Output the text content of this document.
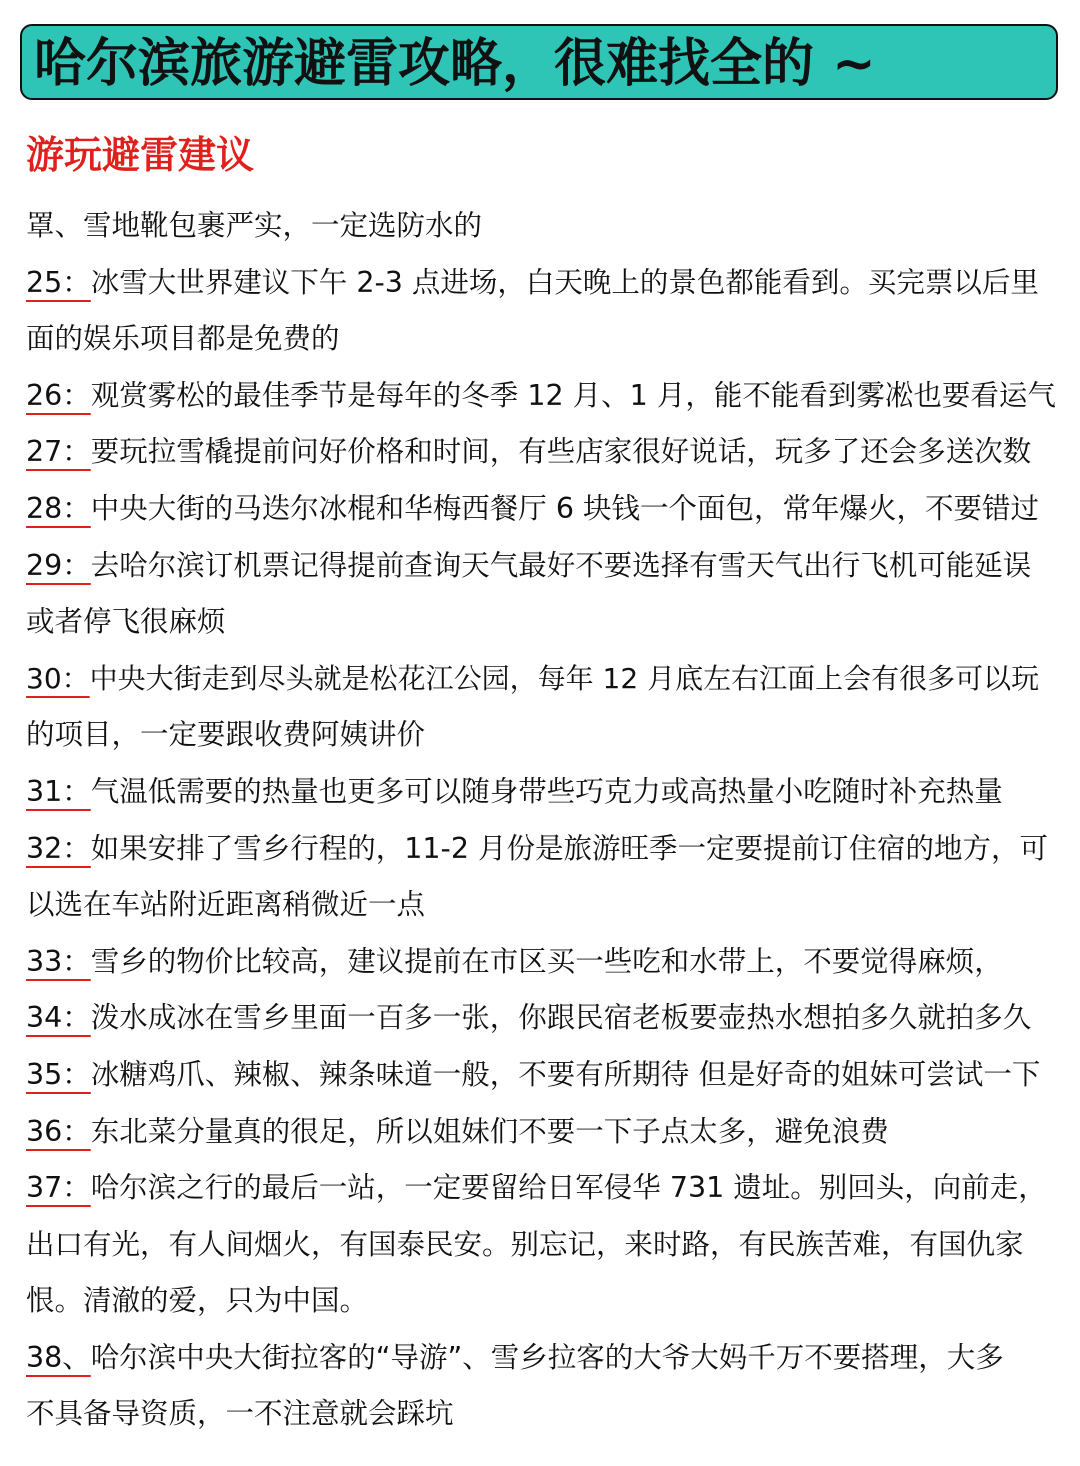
哈尔滨旅游避雷攻略，很难找全的 ~
游玩避雷建议
罩、雪地靴包裹严实，一定选防水的
25：冰雪大世界建议下午 2-3 点进场，白天晚上的景色都能看到。买完票以后里
面的娱乐项目都是免费的
26：观赏雾松的最佳季节是每年的冬季 12 月、1 月，能不能看到雾凇也要看运气
27：要玩拉雪橇提前问好价格和时间，有些店家很好说话，玩多了还会多送次数
28：中央大街的马迭尔冰棍和华梅西餐厅 6 块钱一个面包，常年爆火，不要错过
29：去哈尔滨订机票记得提前查询天气最好不要选择有雪天气出行飞机可能延误
或者停飞很麻烦
30：中央大街走到尽头就是松花江公园，每年 12 月底左右江面上会有很多可以玩
的项目，一定要跟收费阿姨讲价
31：气温低需要的热量也更多可以随身带些巧克力或高热量小吃随时补充热量
32：如果安排了雪乡行程的，11-2 月份是旅游旺季一定要提前订住宿的地方，可
以选在车站附近距离稍微近一点
33：雪乡的物价比较高，建议提前在市区买一些吃和水带上，不要觉得麻烦，
34：泼水成冰在雪乡里面一百多一张，你跟民宿老板要壶热水想拍多久就拍多久
35：冰糖鸡爪、辣椒、辣条味道一般，不要有所期待 但是好奇的姐妹可尝试一下
36：东北菜分量真的很足，所以姐妹们不要一下子点太多，避免浪费
37：哈尔滨之行的最后一站，一定要留给日军侵华 731 遗址。别回头，向前走，
出口有光，有人间烟火，有国泰民安。别忘记，来时路，有民族苦难，有国仇家
恨。清澈的爱，只为中国。
38、哈尔滨中央大街拉客的“导游”、雪乡拉客的大爷大妈千万不要搭理，大多
不具备导资质，一不注意就会踩坑
